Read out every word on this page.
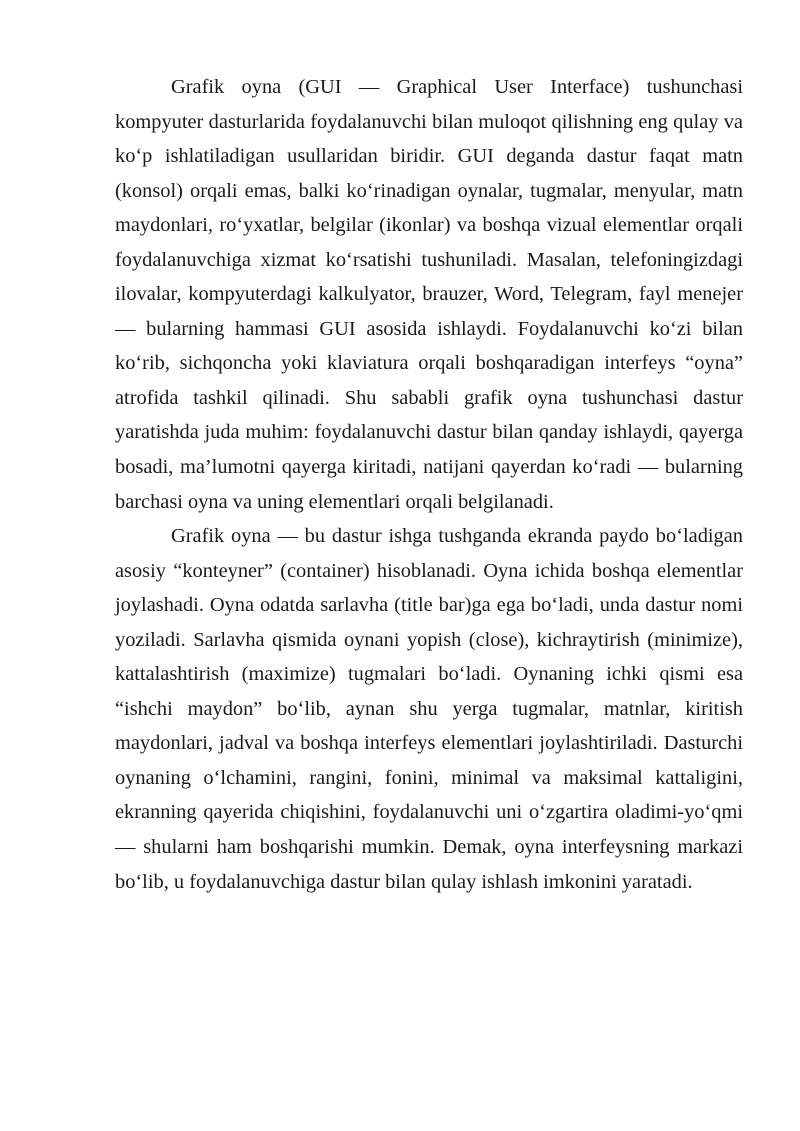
Grafik oyna (GUI — Graphical User Interface) tushunchasi kompyuter dasturlarida foydalanuvchi bilan muloqot qilishning eng qulay va ko‘p ishlatiladigan usullaridan biridir. GUI deganda dastur faqat matn (konsol) orqali emas, balki ko‘rinadigan oynalar, tugmalar, menyular, matn maydonlari, ro‘yxatlar, belgilar (ikonlar) va boshqa vizual elementlar orqali foydalanuvchiga xizmat ko‘rsatishi tushuniladi. Masalan, telefoningizdagi ilovalar, kompyuterdagi kalkulyator, brauzer, Word, Telegram, fayl menejer — bularning hammasi GUI asosida ishlaydi. Foydalanuvchi ko‘zi bilan ko‘rib, sichqoncha yoki klaviatura orqali boshqaradigan interfeys “oyna” atrofida tashkil qilinadi. Shu sababli grafik oyna tushunchasi dastur yaratishda juda muhim: foydalanuvchi dastur bilan qanday ishlaydi, qayerga bosadi, ma’lumotni qayerga kiritadi, natijani qayerdan ko‘radi — bularning barchasi oyna va uning elementlari orqali belgilanadi.

Grafik oyna — bu dastur ishga tushganda ekranda paydo bo‘ladigan asosiy “konteyner” (container) hisoblanadi. Oyna ichida boshqa elementlar joylashadi. Oyna odatda sarlavha (title bar)ga ega bo‘ladi, unda dastur nomi yoziladi. Sarlavha qismida oynani yopish (close), kichraytirish (minimize), kattalashtirish (maximize) tugmalari bo‘ladi. Oynaning ichki qismi esa “ishchi maydon” bo‘lib, aynan shu yerga tugmalar, matnlar, kiritish maydonlari, jadval va boshqa interfeys elementlari joylashtiriladi. Dasturchi oynaning o‘lchamini, rangini, fonini, minimal va maksimal kattaligini, ekranning qayerida chiqishini, foydalanuvchi uni o‘zgartira oladimi-yo‘qmi — shularni ham boshqarishi mumkin. Demak, oyna interfeysning markazi bo‘lib, u foydalanuvchiga dastur bilan qulay ishlash imkonini yaratadi.
